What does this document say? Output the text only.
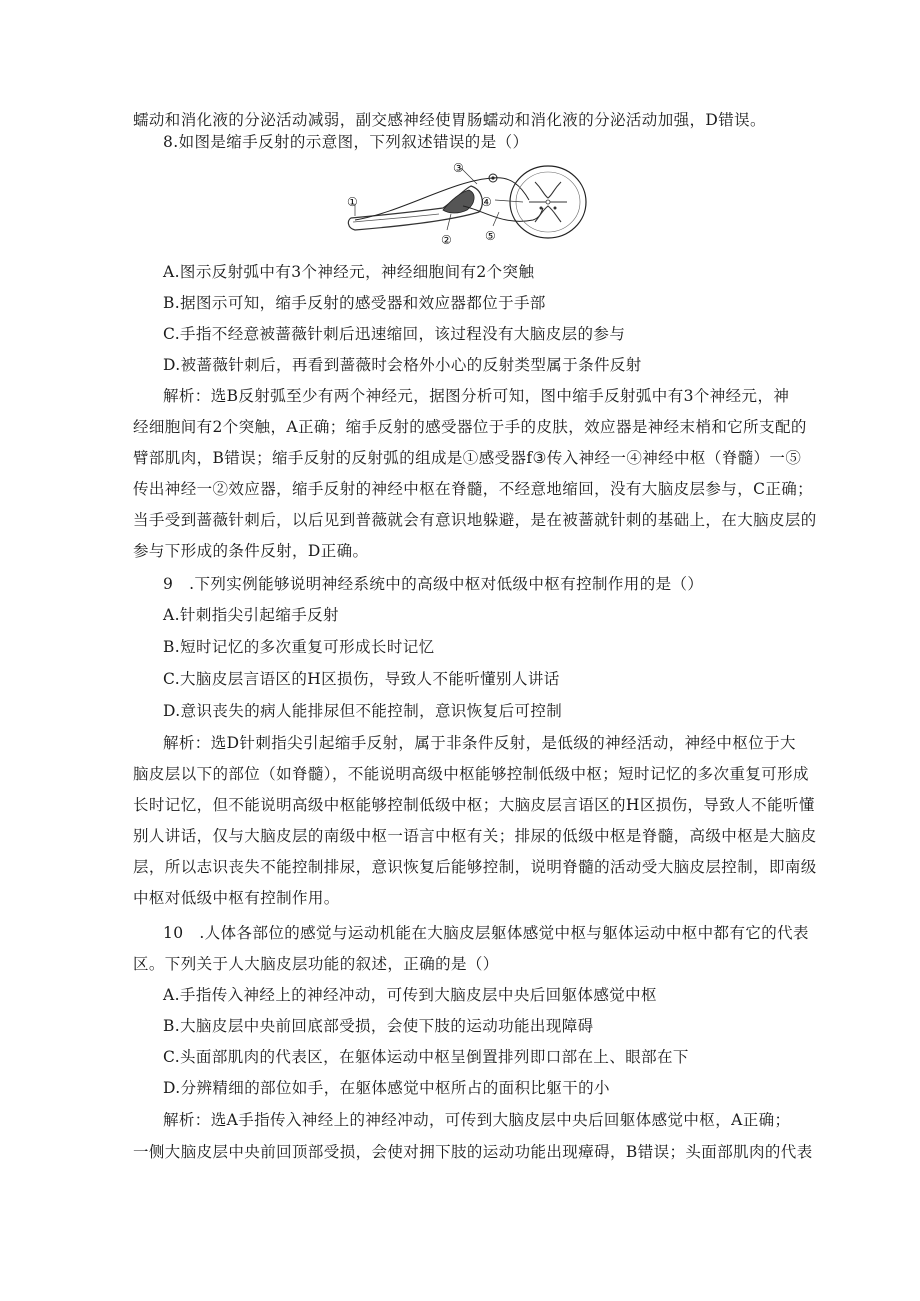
蠕动和消化液的分泌活动减弱，副交感神经使胃肠蠕动和消化液的分泌活动加强，D错误。
8.如图是缩手反射的示意图，下列叙述错误的是（）
①
②
③
④
⑤
A.图示反射弧中有3个神经元，神经细胞间有2个突触
B.据图示可知，缩手反射的感受器和效应器都位于手部
C.手指不经意被蔷薇针刺后迅速缩回，该过程没有大脑皮层的参与
D.被蔷薇针刺后，再看到蔷薇时会格外小心的反射类型属于条件反射
解析：选B反射弧至少有两个神经元，据图分析可知，图中缩手反射弧中有3个神经元，神
经细胞间有2个突触，A正确；缩手反射的感受器位于手的皮肤，效应器是神经末梢和它所支配的
臂部肌肉，B错误；缩手反射的反射弧的组成是①感受器f③传入神经一④神经中枢（脊髓）一⑤
传出神经一②效应器，缩手反射的神经中枢在脊髓，不经意地缩回，没有大脑皮层参与，C正确；
当手受到蔷薇针刺后，以后见到普薇就会有意识地躲避，是在被蔷就针刺的基础上，在大脑皮层的
参与下形成的条件反射，D正确。
9　.下列实例能够说明神经系统中的高级中枢对低级中枢有控制作用的是（）
A.针刺指尖引起缩手反射
B.短时记忆的多次重复可形成长时记忆
C.大脑皮层言语区的H区损伤，导致人不能听懂别人讲话
D.意识丧失的病人能排尿但不能控制，意识恢复后可控制
解析：选D针刺指尖引起缩手反射，属于非条件反射，是低级的神经活动，神经中枢位于大
脑皮层以下的部位（如脊髓），不能说明高级中枢能够控制低级中枢；短时记忆的多次重复可形成
长时记忆，但不能说明高级中枢能够控制低级中枢；大脑皮层言语区的H区损伤，导致人不能听懂
别人讲话，仅与大脑皮层的南级中枢一语言中枢有关；排尿的低级中枢是脊髓，高级中枢是大脑皮
层，所以志识丧失不能控制排尿，意识恢复后能够控制，说明脊髓的活动受大脑皮层控制，即南级
中枢对低级中枢有控制作用。
10　.人体各部位的感觉与运动机能在大脑皮层躯体感觉中枢与躯体运动中枢中都有它的代表
区。下列关于人大脑皮层功能的叙述，正确的是（）
A.手指传入神经上的神经冲动，可传到大脑皮层中央后回躯体感觉中枢
B.大脑皮层中央前回底部受损，会使下肢的运动功能出现障碍
C.头面部肌肉的代表区，在躯体运动中枢呈倒置排列即口部在上、眼部在下
D.分辨精细的部位如手，在躯体感觉中枢所占的面积比躯干的小
解析：选A手指传入神经上的神经冲动，可传到大脑皮层中央后回躯体感觉中枢，A正确；
一侧大脑皮层中央前回顶部受损，会使对拥下肢的运动功能出现瘴碍，B错误；头面部肌肉的代表
